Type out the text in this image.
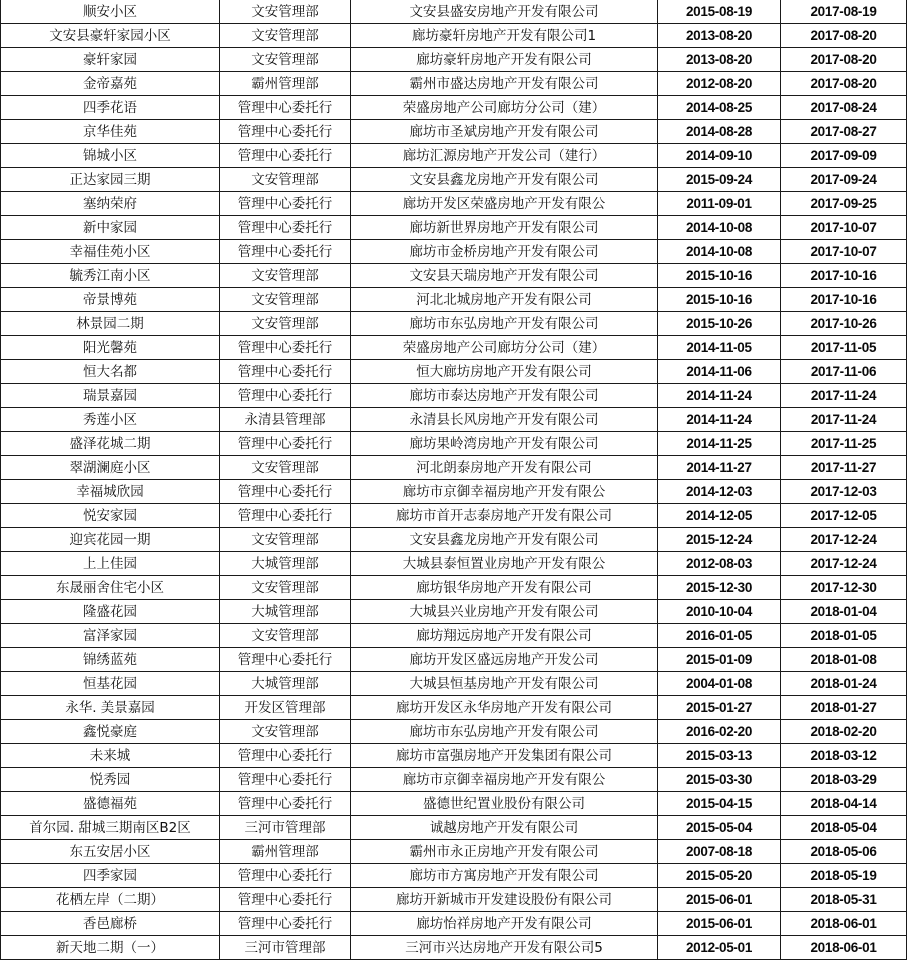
顺安小区	文安管理部	文安县盛安房地产开发有限公司	2015-08-19	2017-08-19
文安县豪轩家园小区	文安管理部	廊坊豪轩房地产开发有限公司1	2013-08-20	2017-08-20
豪轩家园	文安管理部	廊坊豪轩房地产开发有限公司	2013-08-20	2017-08-20
金帝嘉苑	霸州管理部	霸州市盛达房地产开发有限公司	2012-08-20	2017-08-20
四季花语	管理中心委托行	荣盛房地产公司廊坊分公司（建）	2014-08-25	2017-08-24
京华佳苑	管理中心委托行	廊坊市圣斌房地产开发有限公司	2014-08-28	2017-08-27
锦城小区	管理中心委托行	廊坊汇源房地产开发公司（建行）	2014-09-10	2017-09-09
正达家园三期	文安管理部	文安县鑫龙房地产开发有限公司	2015-09-24	2017-09-24
塞纳荣府	管理中心委托行	廊坊开发区荣盛房地产开发有限公	2011-09-01	2017-09-25
新中家园	管理中心委托行	廊坊新世界房地产开发有限公司	2014-10-08	2017-10-07
幸福佳苑小区	管理中心委托行	廊坊市金桥房地产开发有限公司	2014-10-08	2017-10-07
毓秀江南小区	文安管理部	文安县天瑞房地产开发有限公司	2015-10-16	2017-10-16
帝景博苑	文安管理部	河北北城房地产开发有限公司	2015-10-16	2017-10-16
林景园二期	文安管理部	廊坊市东弘房地产开发有限公司	2015-10-26	2017-10-26
阳光馨苑	管理中心委托行	荣盛房地产公司廊坊分公司（建）	2014-11-05	2017-11-05
恒大名都	管理中心委托行	恒大廊坊房地产开发有限公司	2014-11-06	2017-11-06
瑞景嘉园	管理中心委托行	廊坊市泰达房地产开发有限公司	2014-11-24	2017-11-24
秀莲小区	永清县管理部	永清县长风房地产开发有限公司	2014-11-24	2017-11-24
盛泽花城二期	管理中心委托行	廊坊果岭湾房地产开发有限公司	2014-11-25	2017-11-25
翠湖澜庭小区	文安管理部	河北朗泰房地产开发有限公司	2014-11-27	2017-11-27
幸福城欣园	管理中心委托行	廊坊市京御幸福房地产开发有限公	2014-12-03	2017-12-03
悦安家园	管理中心委托行	廊坊市首开志泰房地产开发有限公司	2014-12-05	2017-12-05
迎宾花园一期	文安管理部	文安县鑫龙房地产开发有限公司	2015-12-24	2017-12-24
上上佳园	大城管理部	大城县泰恒置业房地产开发有限公	2012-08-03	2017-12-24
东晟丽舍住宅小区	文安管理部	廊坊银华房地产开发有限公司	2015-12-30	2017-12-30
隆盛花园	大城管理部	大城县兴业房地产开发有限公司	2010-10-04	2018-01-04
富泽家园	文安管理部	廊坊翔远房地产开发有限公司	2016-01-05	2018-01-05
锦绣蓝苑	管理中心委托行	廊坊开发区盛远房地产开发公司	2015-01-09	2018-01-08
恒基花园	大城管理部	大城县恒基房地产开发有限公司	2004-01-08	2018-01-24
永华. 美景嘉园	开发区管理部	廊坊开发区永华房地产开发有限公司	2015-01-27	2018-01-27
鑫悦豪庭	文安管理部	廊坊市东弘房地产开发有限公司	2016-02-20	2018-02-20
未来城	管理中心委托行	廊坊市富强房地产开发集团有限公司	2015-03-13	2018-03-12
悦秀园	管理中心委托行	廊坊市京御幸福房地产开发有限公	2015-03-30	2018-03-29
盛德福苑	管理中心委托行	盛德世纪置业股份有限公司	2015-04-15	2018-04-14
首尔园. 甜城三期南区B2区	三河市管理部	诚越房地产开发有限公司	2015-05-04	2018-05-04
东五安居小区	霸州管理部	霸州市永正房地产开发有限公司	2007-08-18	2018-05-06
四季家园	管理中心委托行	廊坊市方寓房地产开发有限公司	2015-05-20	2018-05-19
花栖左岸（二期）	管理中心委托行	廊坊开新城市开发建设股份有限公司	2015-06-01	2018-05-31
香邑廊桥	管理中心委托行	廊坊怡祥房地产开发有限公司	2015-06-01	2018-06-01
新天地二期（一）	三河市管理部	三河市兴达房地产开发有限公司5	2012-05-01	2018-06-01
